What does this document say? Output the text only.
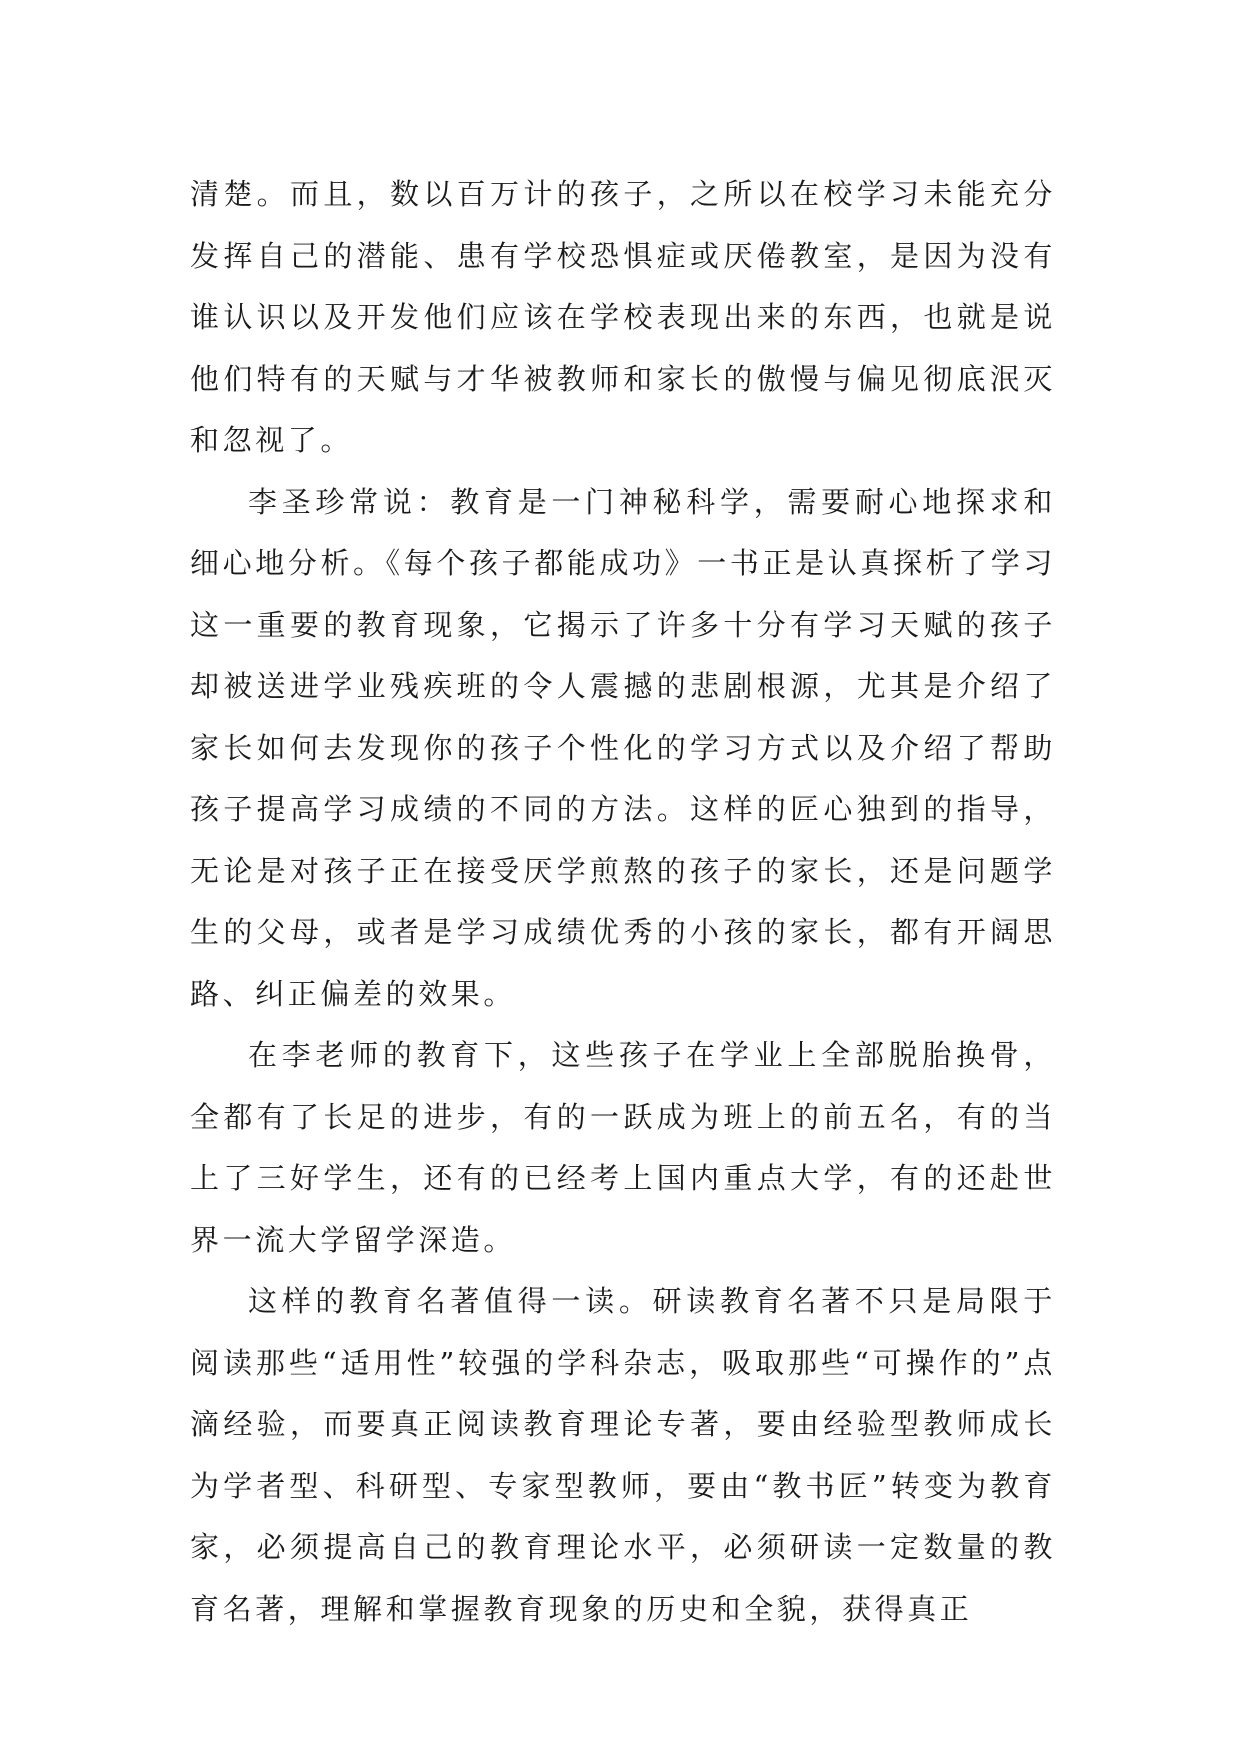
清楚。而且，数以百万计的孩子，之所以在校学习未能充分发挥自己的潜能、患有学校恐惧症或厌倦教室，是因为没有谁认识以及开发他们应该在学校表现出来的东西，也就是说他们特有的天赋与才华被教师和家长的傲慢与偏见彻底泯灭和忽视了。

李圣珍常说：教育是一门神秘科学，需要耐心地探求和细心地分析。《每个孩子都能成功》一书正是认真探析了学习这一重要的教育现象，它揭示了许多十分有学习天赋的孩子却被送进学业残疾班的令人震撼的悲剧根源，尤其是介绍了家长如何去发现你的孩子个性化的学习方式以及介绍了帮助孩子提高学习成绩的不同的方法。这样的匠心独到的指导，无论是对孩子正在接受厌学煎熬的孩子的家长，还是问题学生的父母，或者是学习成绩优秀的小孩的家长，都有开阔思路、纠正偏差的效果。

在李老师的教育下，这些孩子在学业上全部脱胎换骨，全都有了长足的进步，有的一跃成为班上的前五名，有的当上了三好学生，还有的已经考上国内重点大学，有的还赴世界一流大学留学深造。

这样的教育名著值得一读。研读教育名著不只是局限于阅读那些“适用性”较强的学科杂志，吸取那些“可操作的”点滴经验，而要真正阅读教育理论专著，要由经验型教师成长为学者型、科研型、专家型教师，要由“教书匠”转变为教育家，必须提高自己的教育理论水平，必须研读一定数量的教育名著，理解和掌握教育现象的历史和全貌，获得真正
